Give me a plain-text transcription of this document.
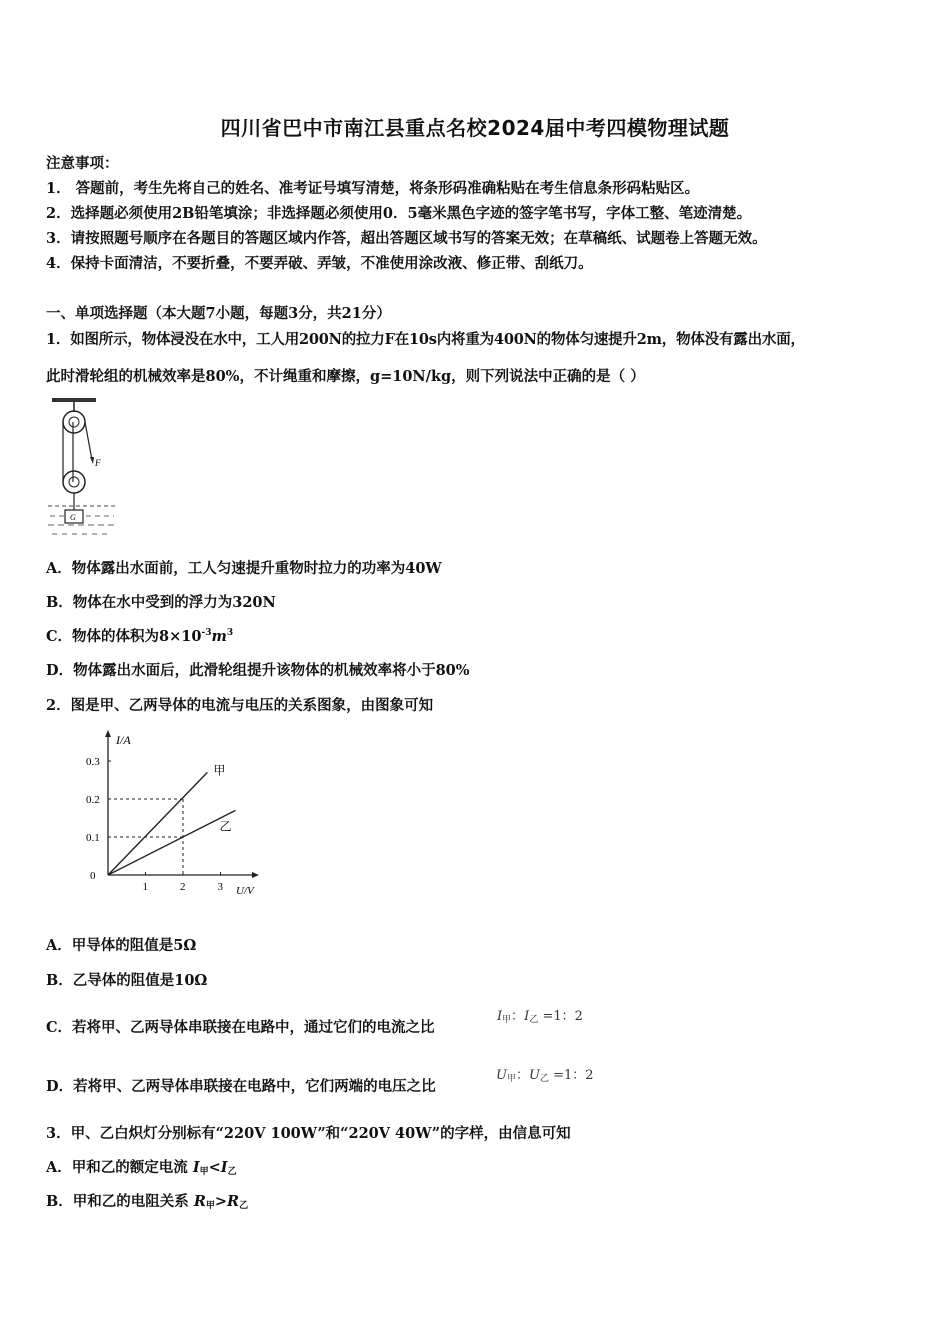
四川省巴中市南江县重点名校2024届中考四模物理试题
注意事项：
1． 答题前，考生先将自己的姓名、准考证号填写清楚，将条形码准确粘贴在考生信息条形码粘贴区。
2．选择题必须使用2B铅笔填涂；非选择题必须使用0．5毫米黑色字迹的签字笔书写，字体工整、笔迹清楚。
3．请按照题号顺序在各题目的答题区域内作答，超出答题区域书写的答案无效；在草稿纸、试题卷上答题无效。
4．保持卡面清洁，不要折叠，不要弄破、弄皱，不准使用涂改液、修正带、刮纸刀。
一、单项选择题（本大题7小题，每题3分，共21分）
1．如图所示，物体浸没在水中，工人用200N的拉力F在10s内将重为400N的物体匀速提升2m，物体没有露出水面，
此时滑轮组的机械效率是80%，不计绳重和摩擦，g=10N/kg，则下列说法中正确的是（ ）
F
G
A．物体露出水面前，工人匀速提升重物时拉力的功率为40W
B．物体在水中受到的浮力为320N
C．物体的体积为$8\times 10^{-3}m^3$
D．物体露出水面后，此滑轮组提升该物体的机械效率将小于80%
2．图是甲、乙两导体的电流与电压的关系图象，由图象可知
I/A
U/V
0
1	2	3
0.1
0.2
0.3
甲
乙
A．甲导体的阻值是5Ω
B．乙导体的阻值是10Ω
C．若将甲、乙两导体串联接在电路中，通过它们的电流之比
$I_甲$：$I_乙 =1$：2
D．若将甲、乙两导体串联接在电路中，它们两端的电压之比
$U_甲$：$U_乙 =1$：2
3．甲、乙白炽灯分别标有“220V 100W”和“220V 40W”的字样，由信息可知
A．甲和乙的额定电流 $I_甲<I_乙$
B．甲和乙的电阻关系 $R_甲>R_乙$
